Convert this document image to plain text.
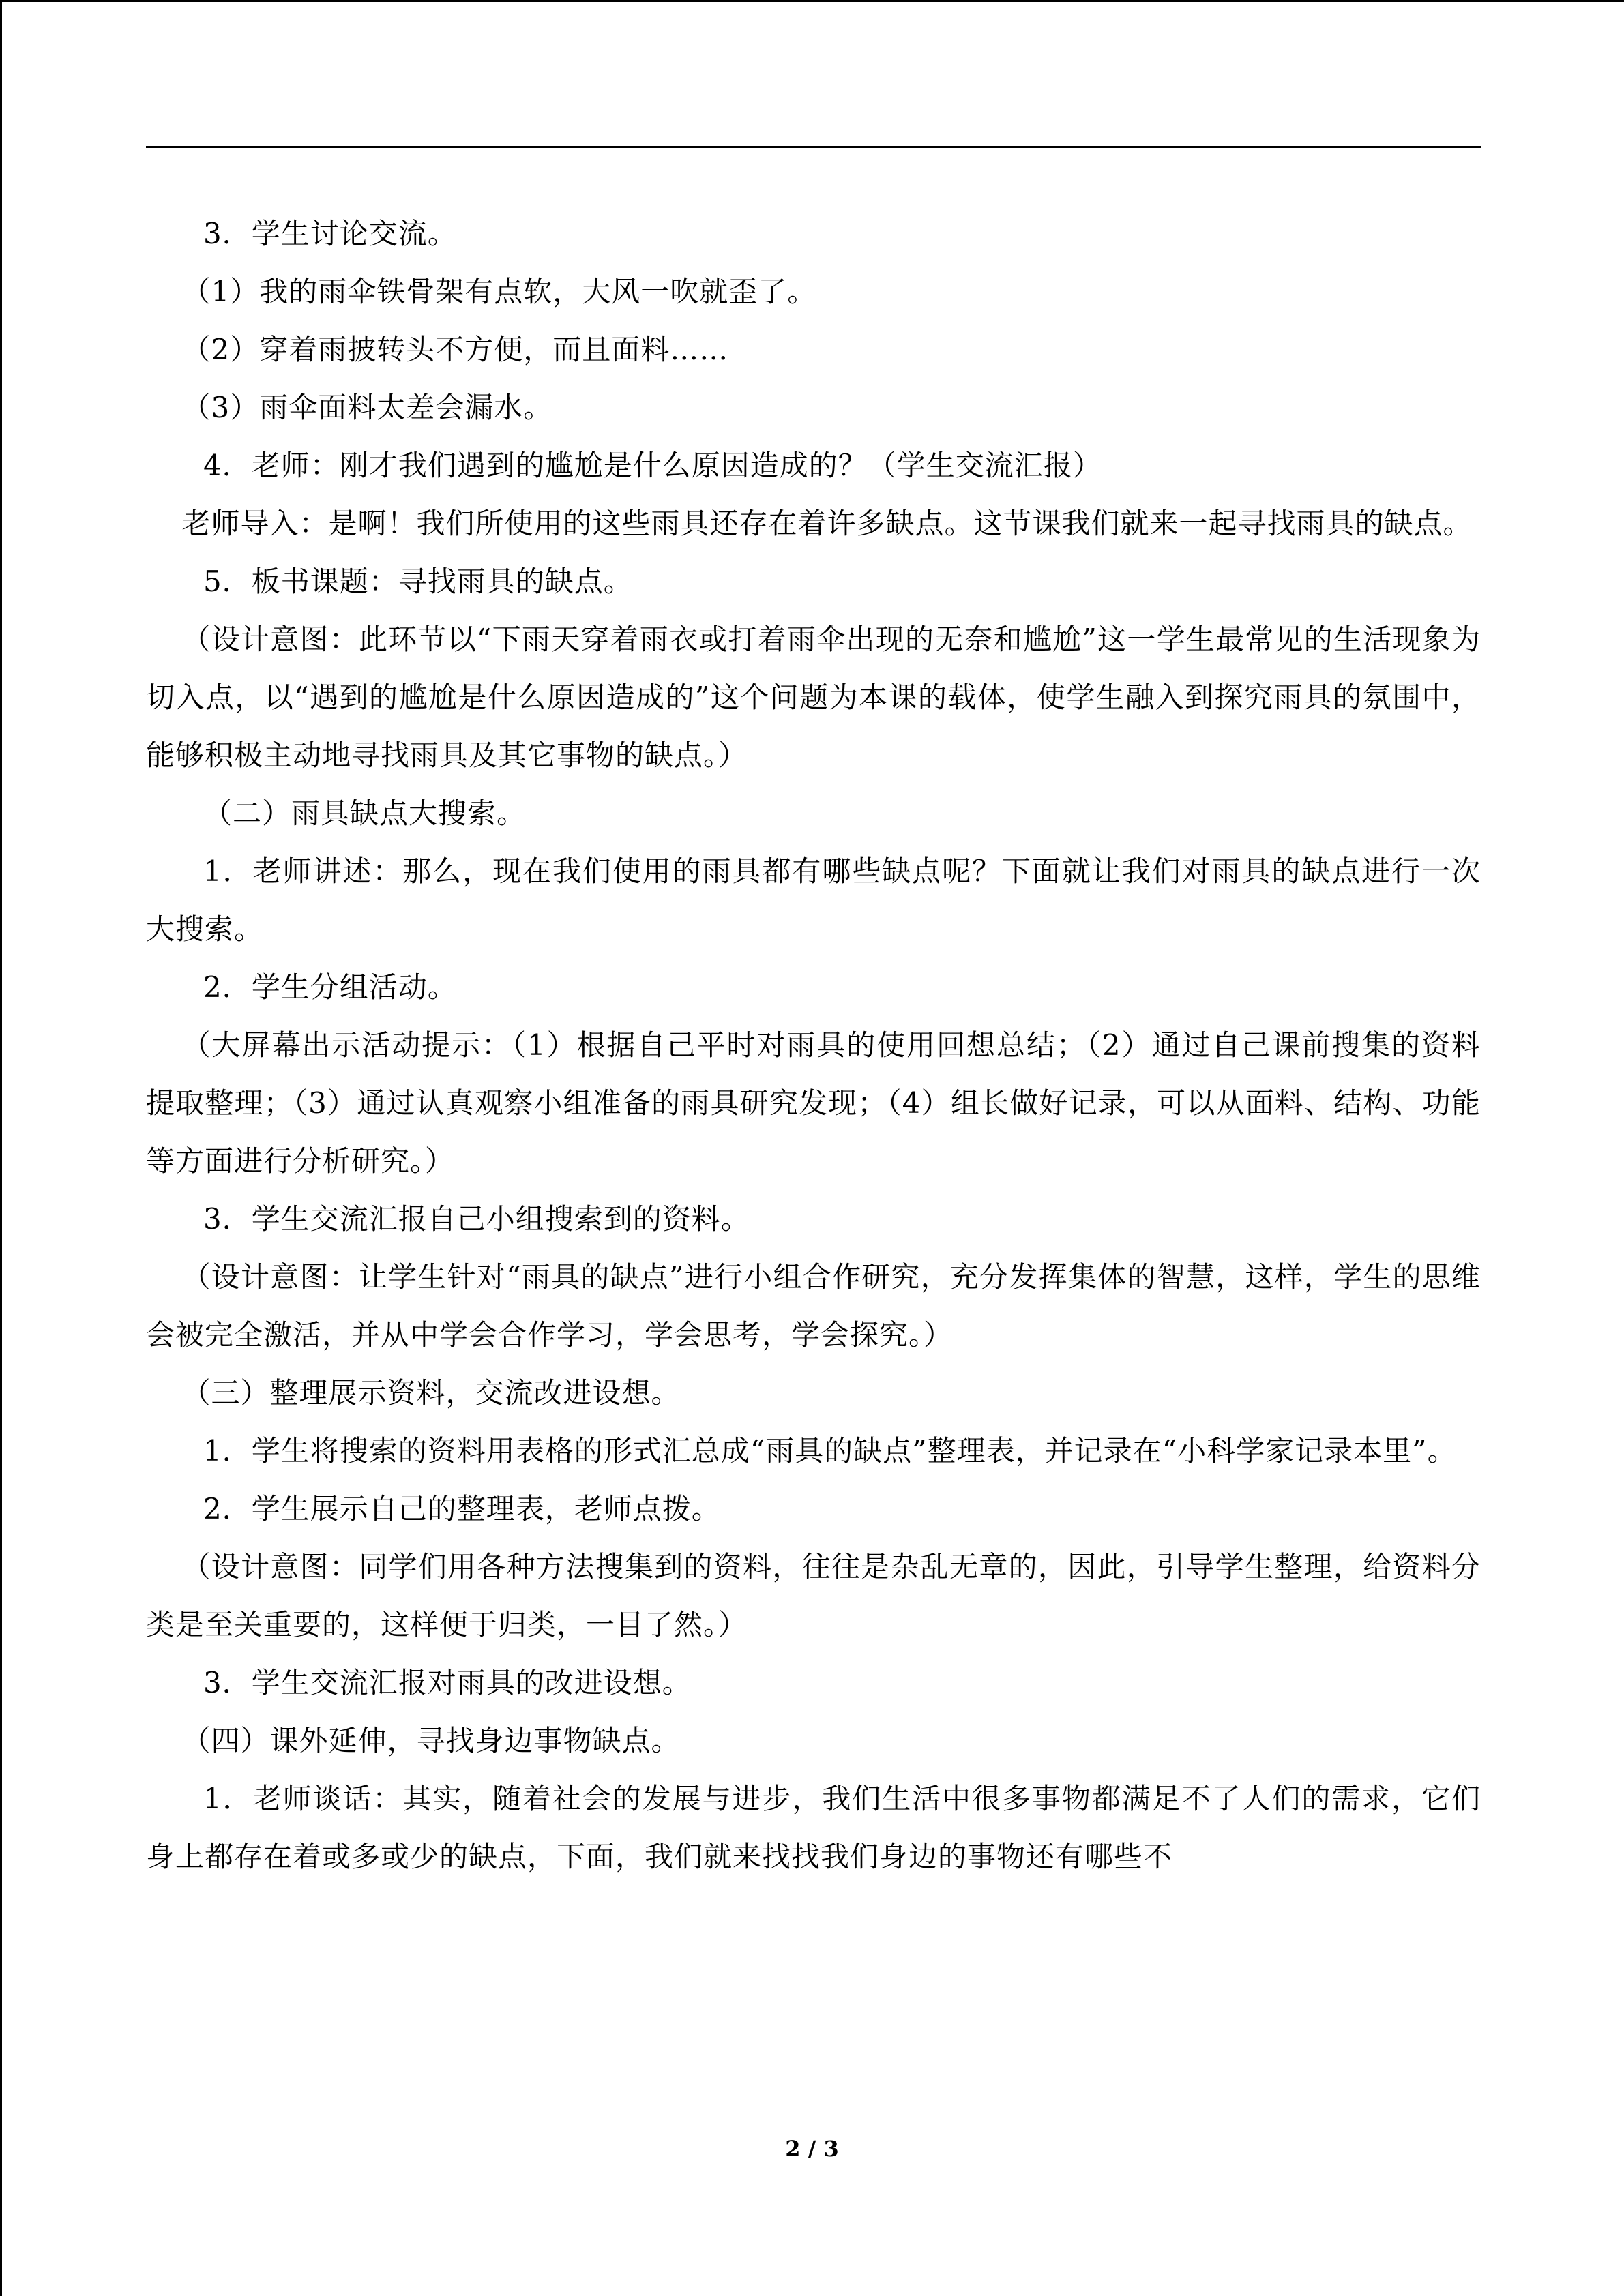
3．学生讨论交流。

（1）我的雨伞铁骨架有点软，大风一吹就歪了。

（2）穿着雨披转头不方便，而且面料……

（3）雨伞面料太差会漏水。

4．老师：刚才我们遇到的尴尬是什么原因造成的？（学生交流汇报）

老师导入：是啊！我们所使用的这些雨具还存在着许多缺点。这节课我们就来一起寻找雨具的缺点。

5．板书课题：寻找雨具的缺点。

（设计意图：此环节以“下雨天穿着雨衣或打着雨伞出现的无奈和尴尬”这一学生最常见的生活现象为切入点，以“遇到的尴尬是什么原因造成的”这个问题为本课的载体，使学生融入到探究雨具的氛围中，能够积极主动地寻找雨具及其它事物的缺点。）

（二）雨具缺点大搜索。

1．老师讲述：那么，现在我们使用的雨具都有哪些缺点呢？下面就让我们对雨具的缺点进行一次大搜索。

2．学生分组活动。

（大屏幕出示活动提示：（1）根据自己平时对雨具的使用回想总结；（2）通过自己课前搜集的资料提取整理；（3）通过认真观察小组准备的雨具研究发现；（4）组长做好记录，可以从面料、结构、功能等方面进行分析研究。）

3．学生交流汇报自己小组搜索到的资料。

（设计意图：让学生针对“雨具的缺点”进行小组合作研究，充分发挥集体的智慧，这样，学生的思维会被完全激活，并从中学会合作学习，学会思考，学会探究。）

（三）整理展示资料，交流改进设想。

1．学生将搜索的资料用表格的形式汇总成“雨具的缺点”整理表，并记录在“小科学家记录本里”。

2．学生展示自己的整理表，老师点拨。

（设计意图：同学们用各种方法搜集到的资料，往往是杂乱无章的，因此，引导学生整理，给资料分类是至关重要的，这样便于归类，一目了然。）

3．学生交流汇报对雨具的改进设想。

（四）课外延伸，寻找身边事物缺点。

1．老师谈话：其实，随着社会的发展与进步，我们生活中很多事物都满足不了人们的需求，它们身上都存在着或多或少的缺点，下面，我们就来找找我们身边的事物还有哪些不

2 / 3
